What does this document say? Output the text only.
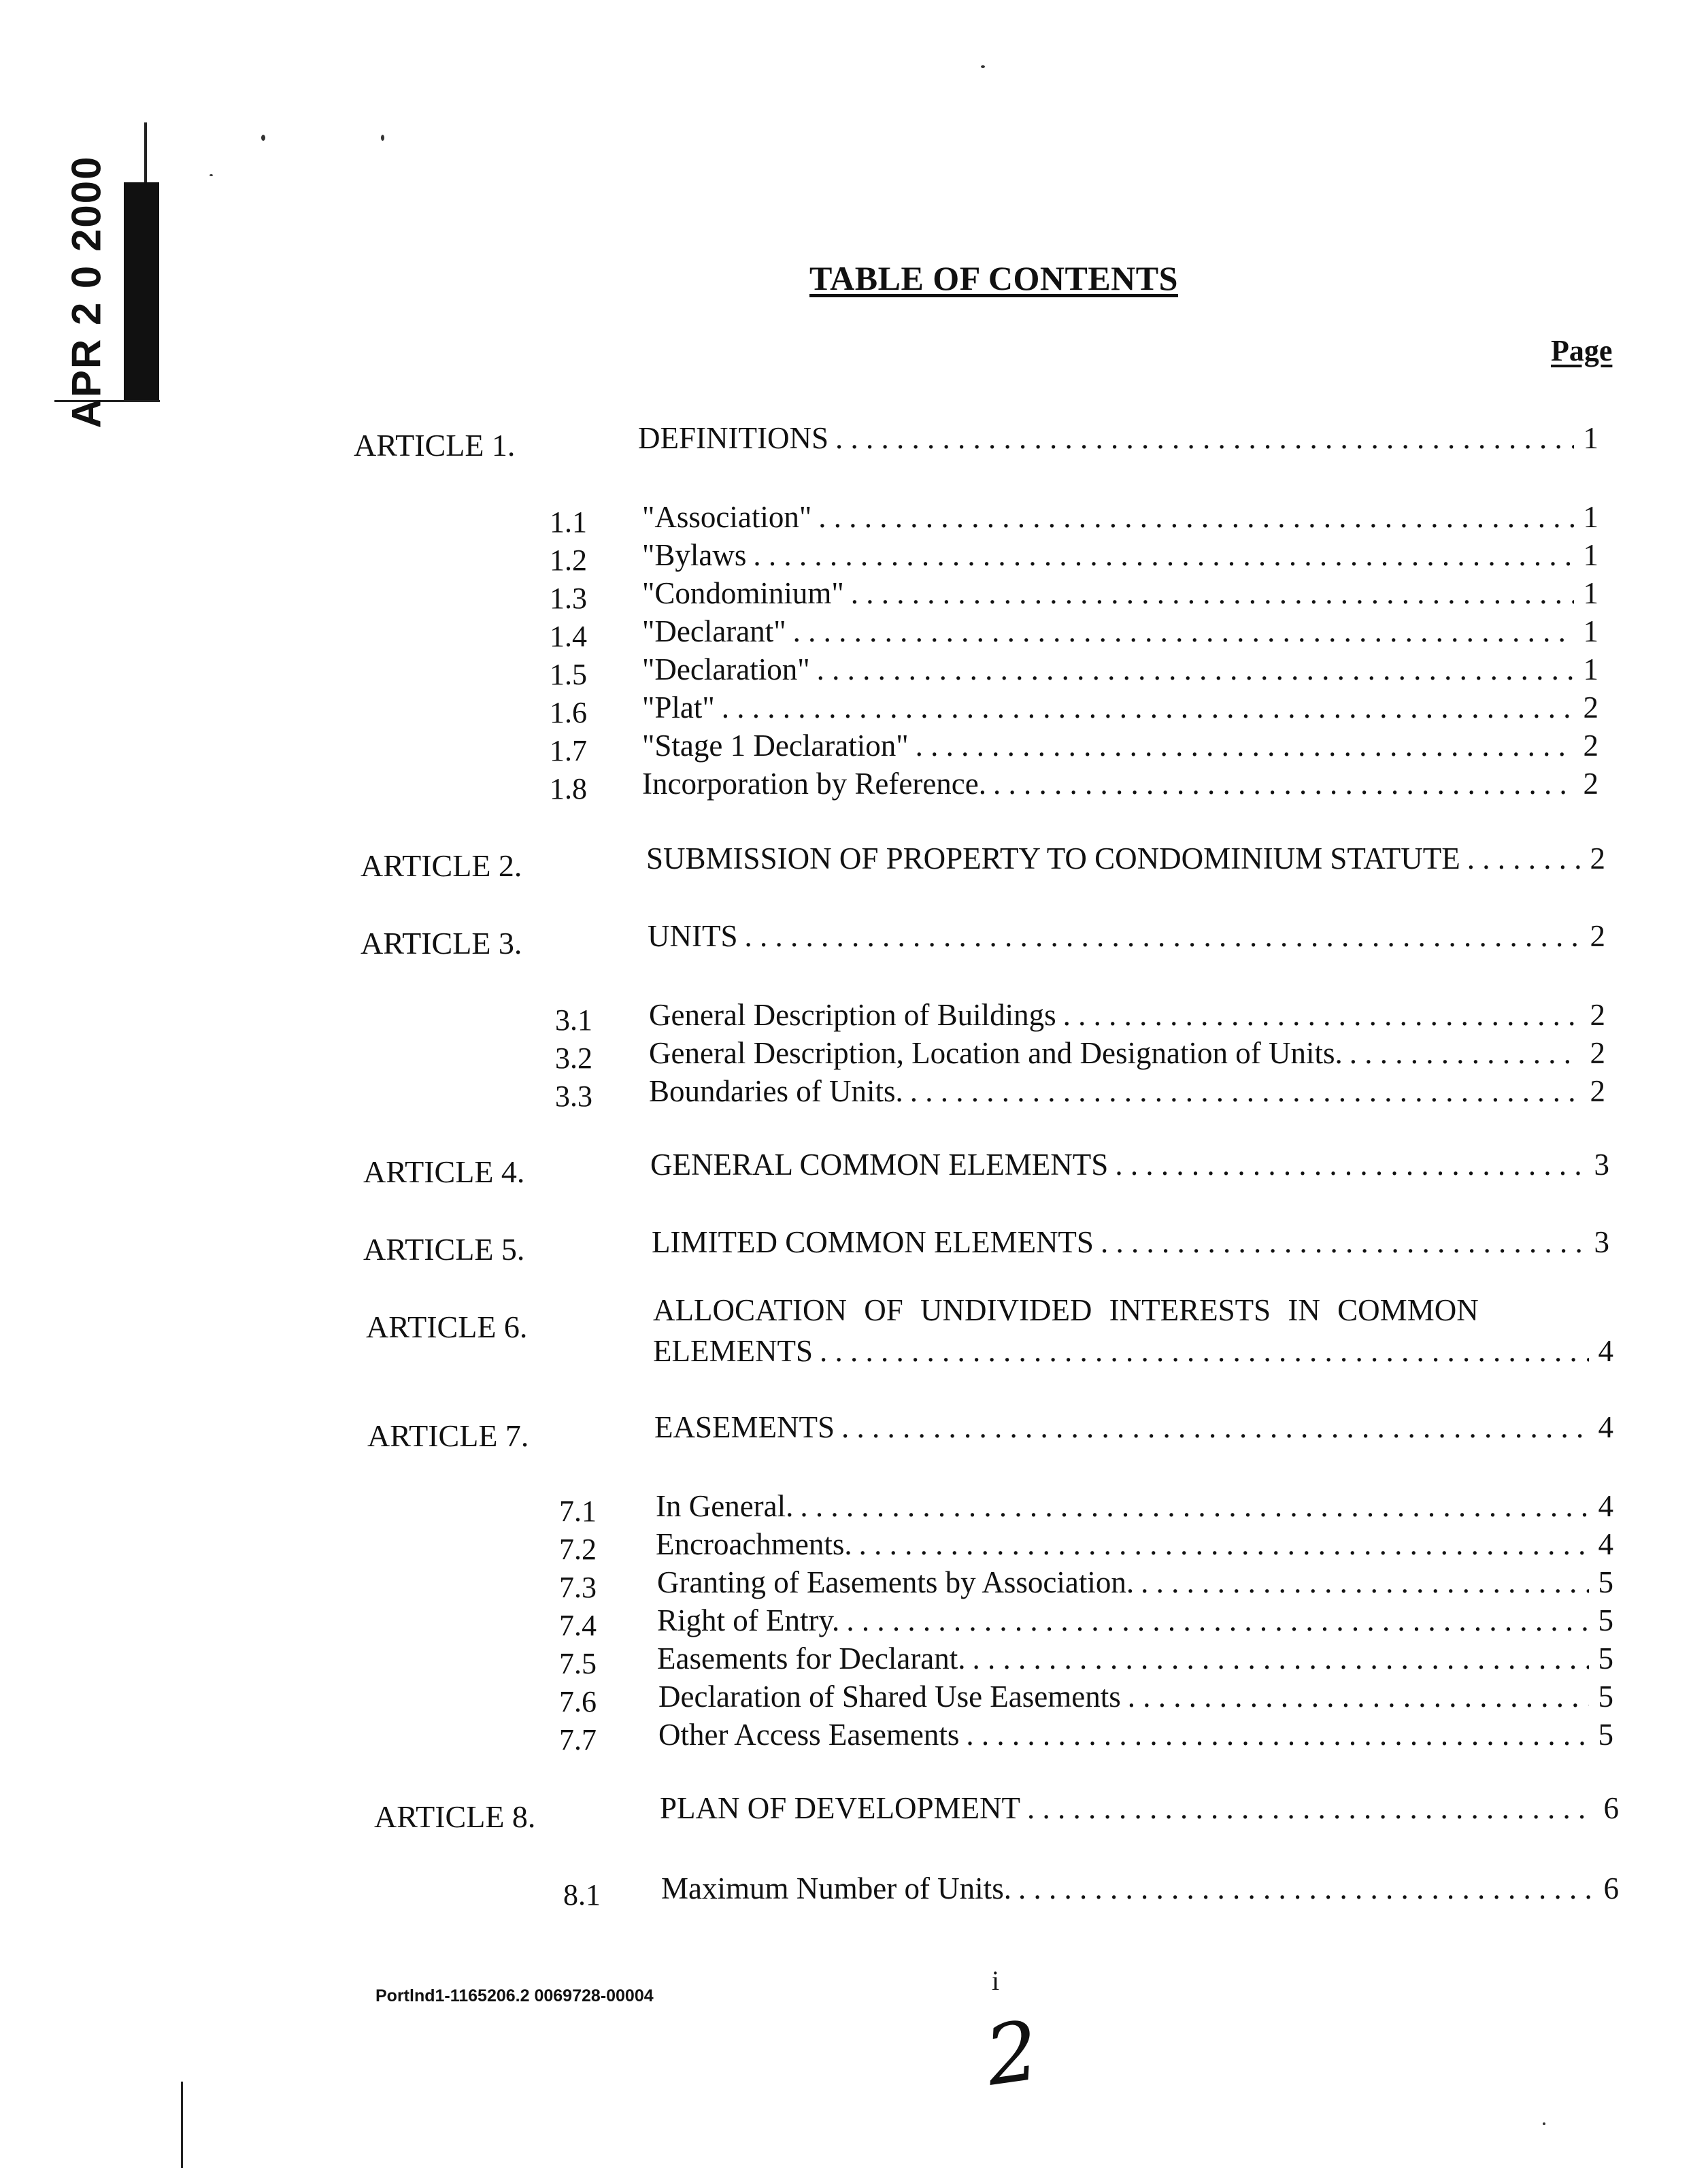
APR 2 0 2000	TABLE OF CONTENTS
Page
ARTICLE 1.	DEFINITIONS . . .	1
1.1 "Association" . . .	1
1.2 "Bylaws . . .	1
1.3 "Condominium" . . .	1
1.4 "Declarant" . . .	1
1.5 "Declaration" . . .	1
1.6 "Plat" . . .	2
1.7 "Stage 1 Declaration" . . .	2
1.8 Incorporation by Reference. . . .	2
ARTICLE 2.	SUBMISSION OF PROPERTY TO CONDOMINIUM STATUTE . . .	2
ARTICLE 3.	UNITS . . .	2
3.1 General Description of Buildings . . .	2
3.2 General Description, Location and Designation of Units. . . .	2
3.3 Boundaries of Units. . . .	2
ARTICLE 4.	GENERAL COMMON ELEMENTS . . .	3
ARTICLE 5.	LIMITED COMMON ELEMENTS . . .	3
ARTICLE 6.	ALLOCATION OF UNDIVIDED INTERESTS IN COMMON
ELEMENTS . . .	4
ARTICLE 7.	EASEMENTS . . .	4
7.1 In General. . . .	4
7.2 Encroachments. . . .	4
7.3 Granting of Easements by Association. . . .	5
7.4 Right of Entry. . . .	5
7.5 Easements for Declarant. . . .	5
7.6 Declaration of Shared Use Easements . . .	5
7.7 Other Access Easements . . .	5
ARTICLE 8.	PLAN OF DEVELOPMENT . . .	6
8.1 Maximum Number of Units. . . .	6
Portlnd1-1165206.2 0069728-00004	i
2
